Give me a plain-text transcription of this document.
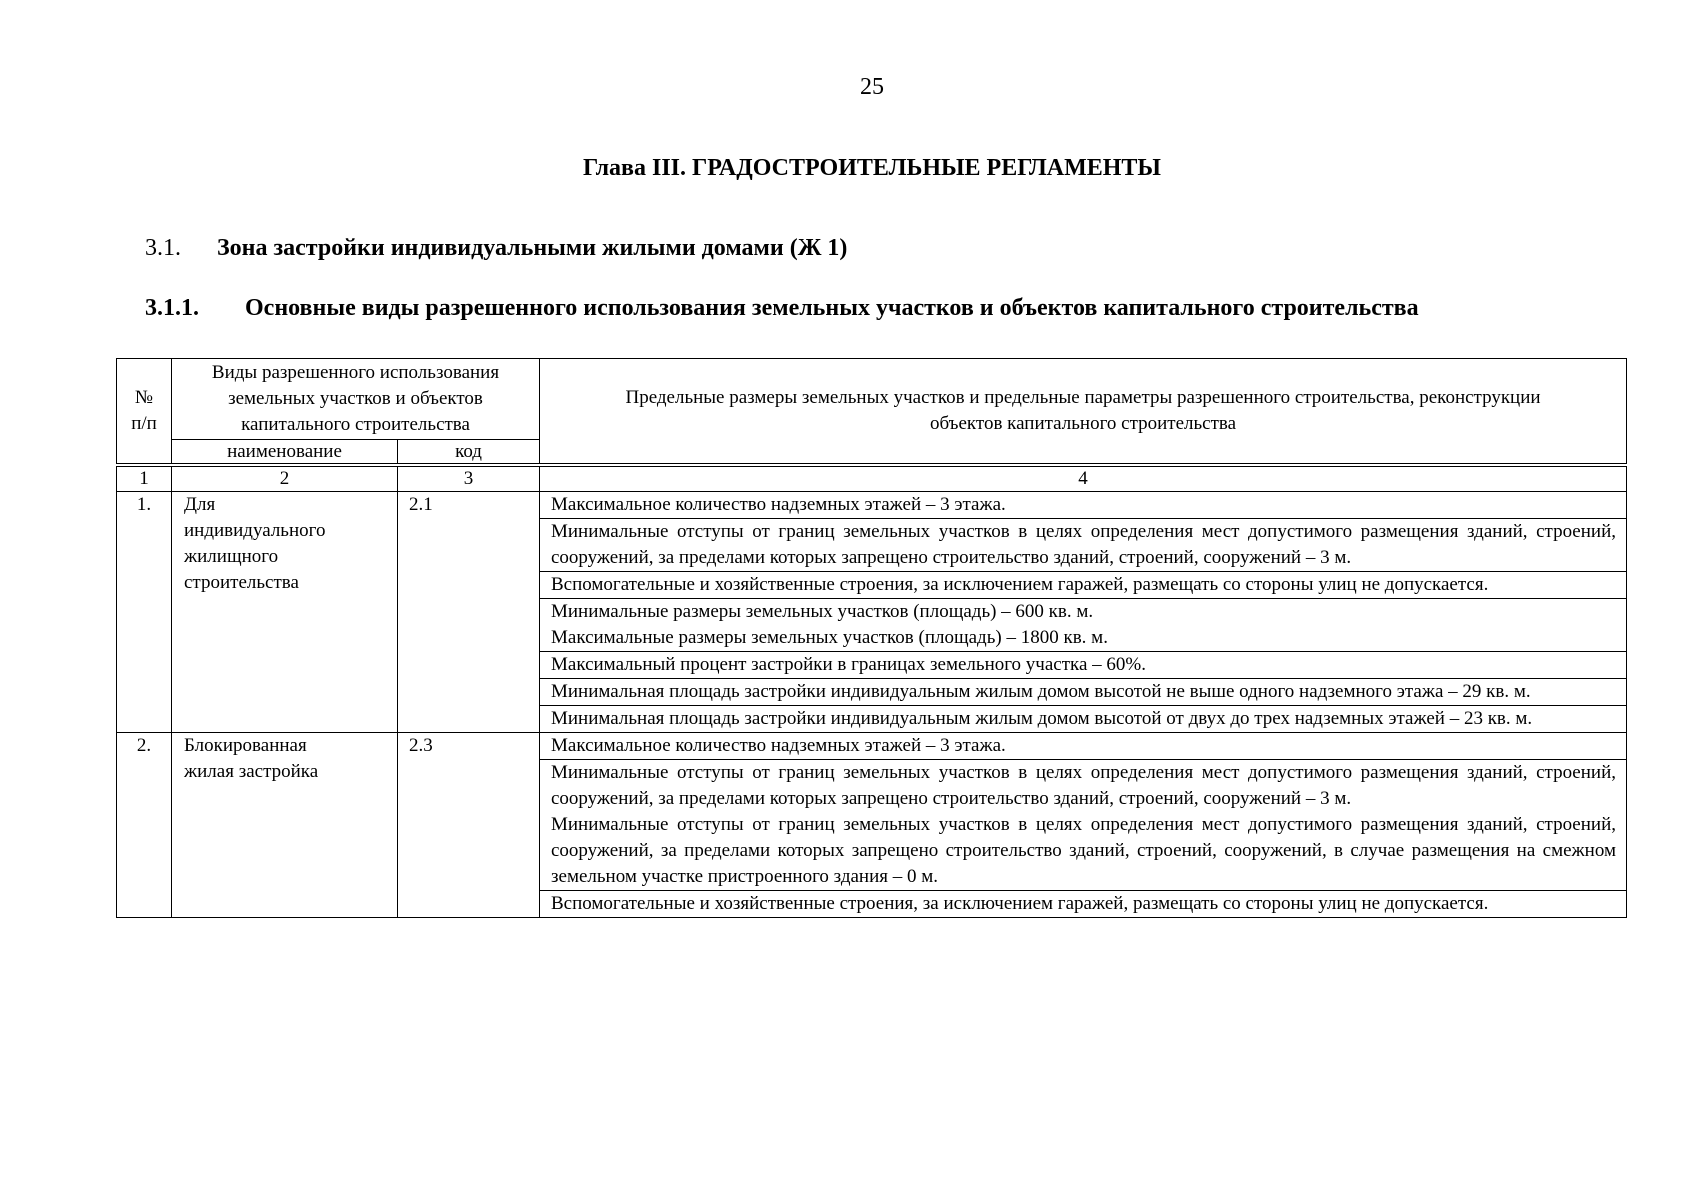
25
Глава III. ГРАДОСТРОИТЕЛЬНЫЕ РЕГЛАМЕНТЫ
3.1. Зона застройки индивидуальными жилыми домами (Ж 1)
3.1.1. Основные виды разрешенного использования земельных участков и объектов капитального строительства
№ п/п	Виды разрешенного использования земельных участков и объектов капитального строительства		Предельные размеры земельных участков и предельные параметры разрешенного строительства, реконструкции объектов капитального строительства

	наименование	код	
1	2	3	4
1.	Для индивидуального жилищного строительства	2.1	Максимальное количество надземных этажей – 3 этажа.

			Минимальные отступы от границ земельных участков в целях определения мест допустимого размещения зданий, строений, сооружений, за пределами которых запрещено строительство зданий, строений, сооружений – 3 м.

			Вспомогательные и хозяйственные строения, за исключением гаражей, размещать со стороны улиц не допускается.

			Минимальные размеры земельных участков (площадь) – 600 кв. м.
Максимальные размеры земельных участков (площадь) – 1800 кв. м.

			Максимальный процент застройки в границах земельного участка – 60%.

			Минимальная площадь застройки индивидуальным жилым домом высотой не выше одного надземного этажа – 29 кв. м.

			Минимальная площадь застройки индивидуальным жилым домом высотой от двух до трех надземных этажей – 23 кв. м.

2.	Блокированная жилая застройка	2.3	Максимальное количество надземных этажей – 3 этажа.

			Минимальные отступы от границ земельных участков в целях определения мест допустимого размещения зданий, строений, сооружений, за пределами которых запрещено строительство зданий, строений, сооружений – 3 м.
Минимальные отступы от границ земельных участков в целях определения мест допустимого размещения зданий, строений, сооружений, за пределами которых запрещено строительство зданий, строений, сооружений, в случае размещения на смежном земельном участке пристроенного здания – 0 м.

			Вспомогательные и хозяйственные строения, за исключением гаражей, размещать со стороны улиц не допускается.
